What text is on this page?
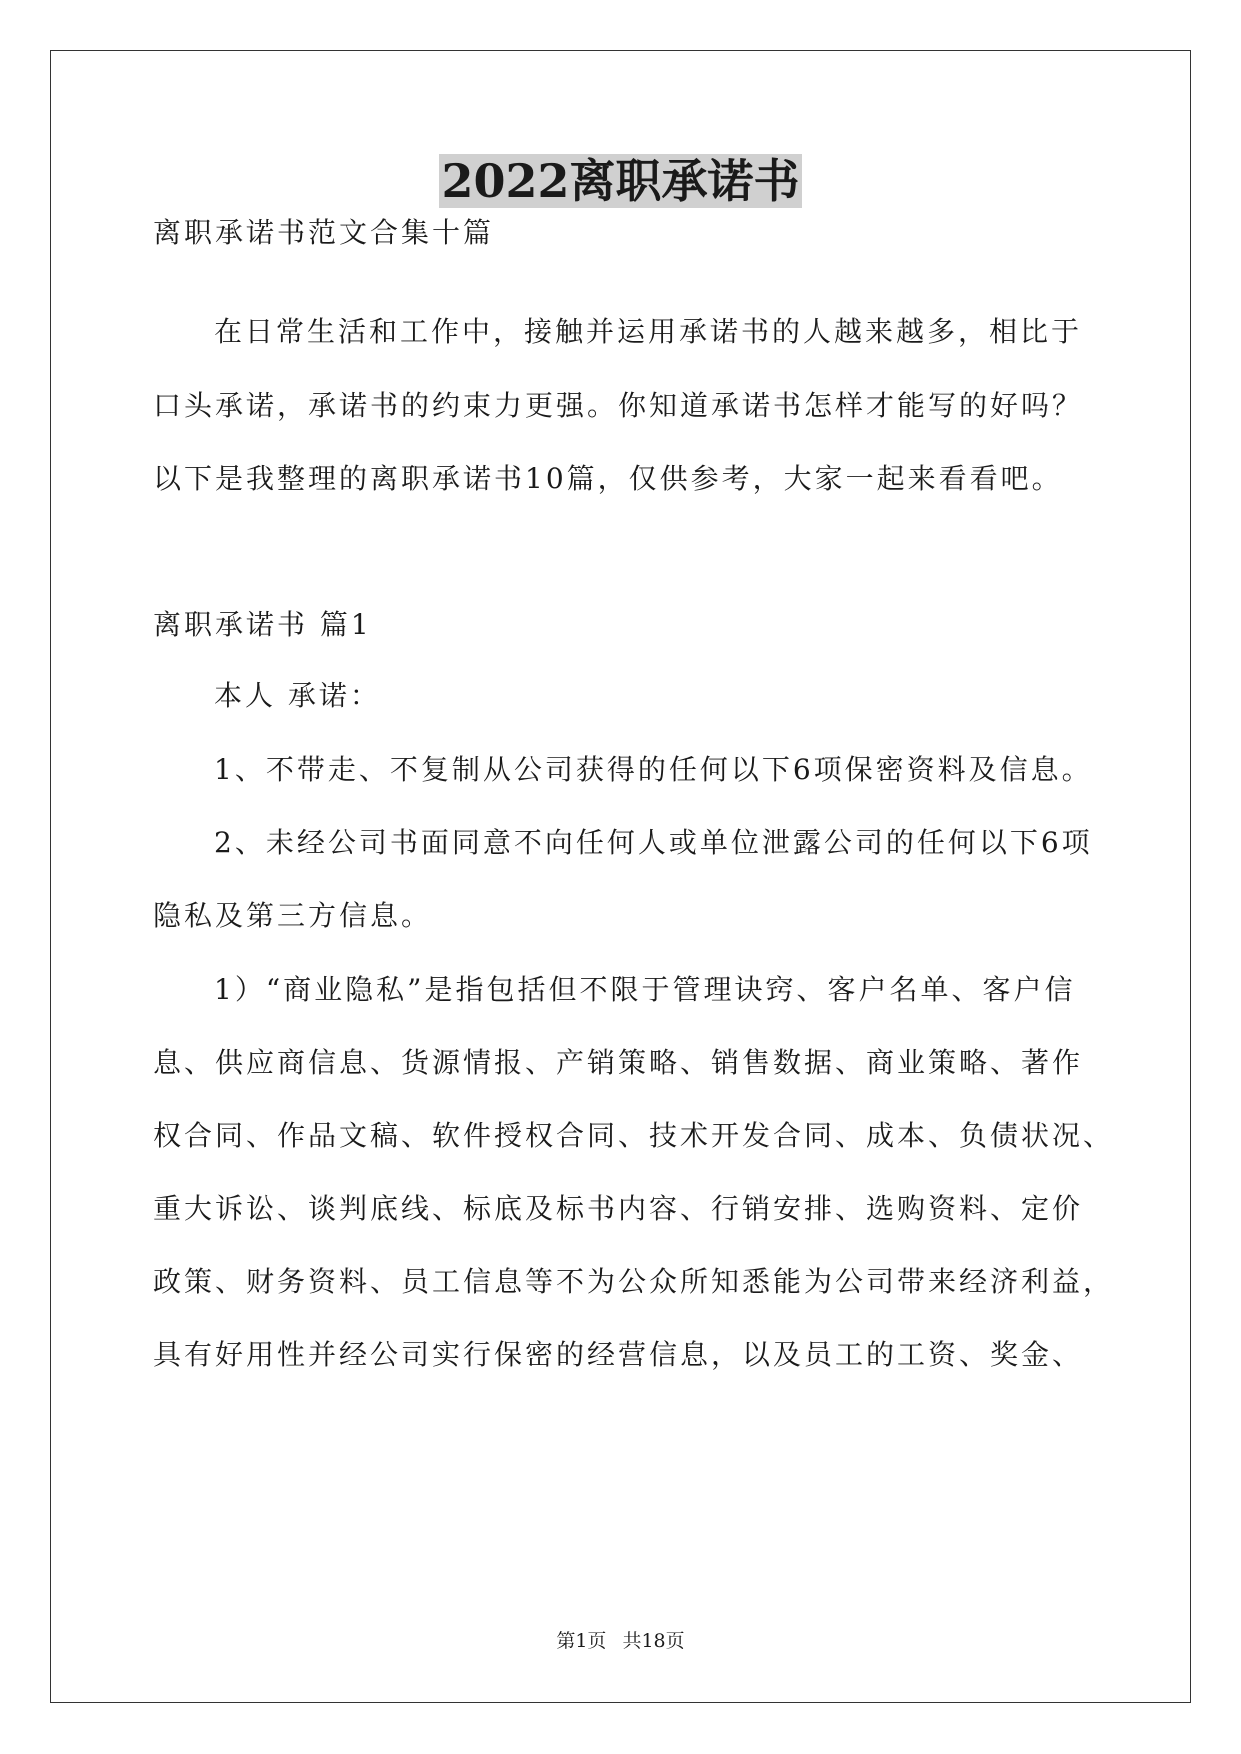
2022离职承诺书
离职承诺书范文合集十篇
在日常生活和工作中，接触并运用承诺书的人越来越多，相比于
口头承诺，承诺书的约束力更强。你知道承诺书怎样才能写的好吗？
以下是我整理的离职承诺书10篇，仅供参考，大家一起来看看吧。
离职承诺书 篇1
本人 承诺：
1、不带走、不复制从公司获得的任何以下6项保密资料及信息。
2、未经公司书面同意不向任何人或单位泄露公司的任何以下6项
隐私及第三方信息。
1）“商业隐私”是指包括但不限于管理诀窍、客户名单、客户信
息、供应商信息、货源情报、产销策略、销售数据、商业策略、著作
权合同、作品文稿、软件授权合同、技术开发合同、成本、负债状况、
重大诉讼、谈判底线、标底及标书内容、行销安排、选购资料、定价
政策、财务资料、员工信息等不为公众所知悉能为公司带来经济利益，
具有好用性并经公司实行保密的经营信息，以及员工的工资、奖金、
第1页 共18页
